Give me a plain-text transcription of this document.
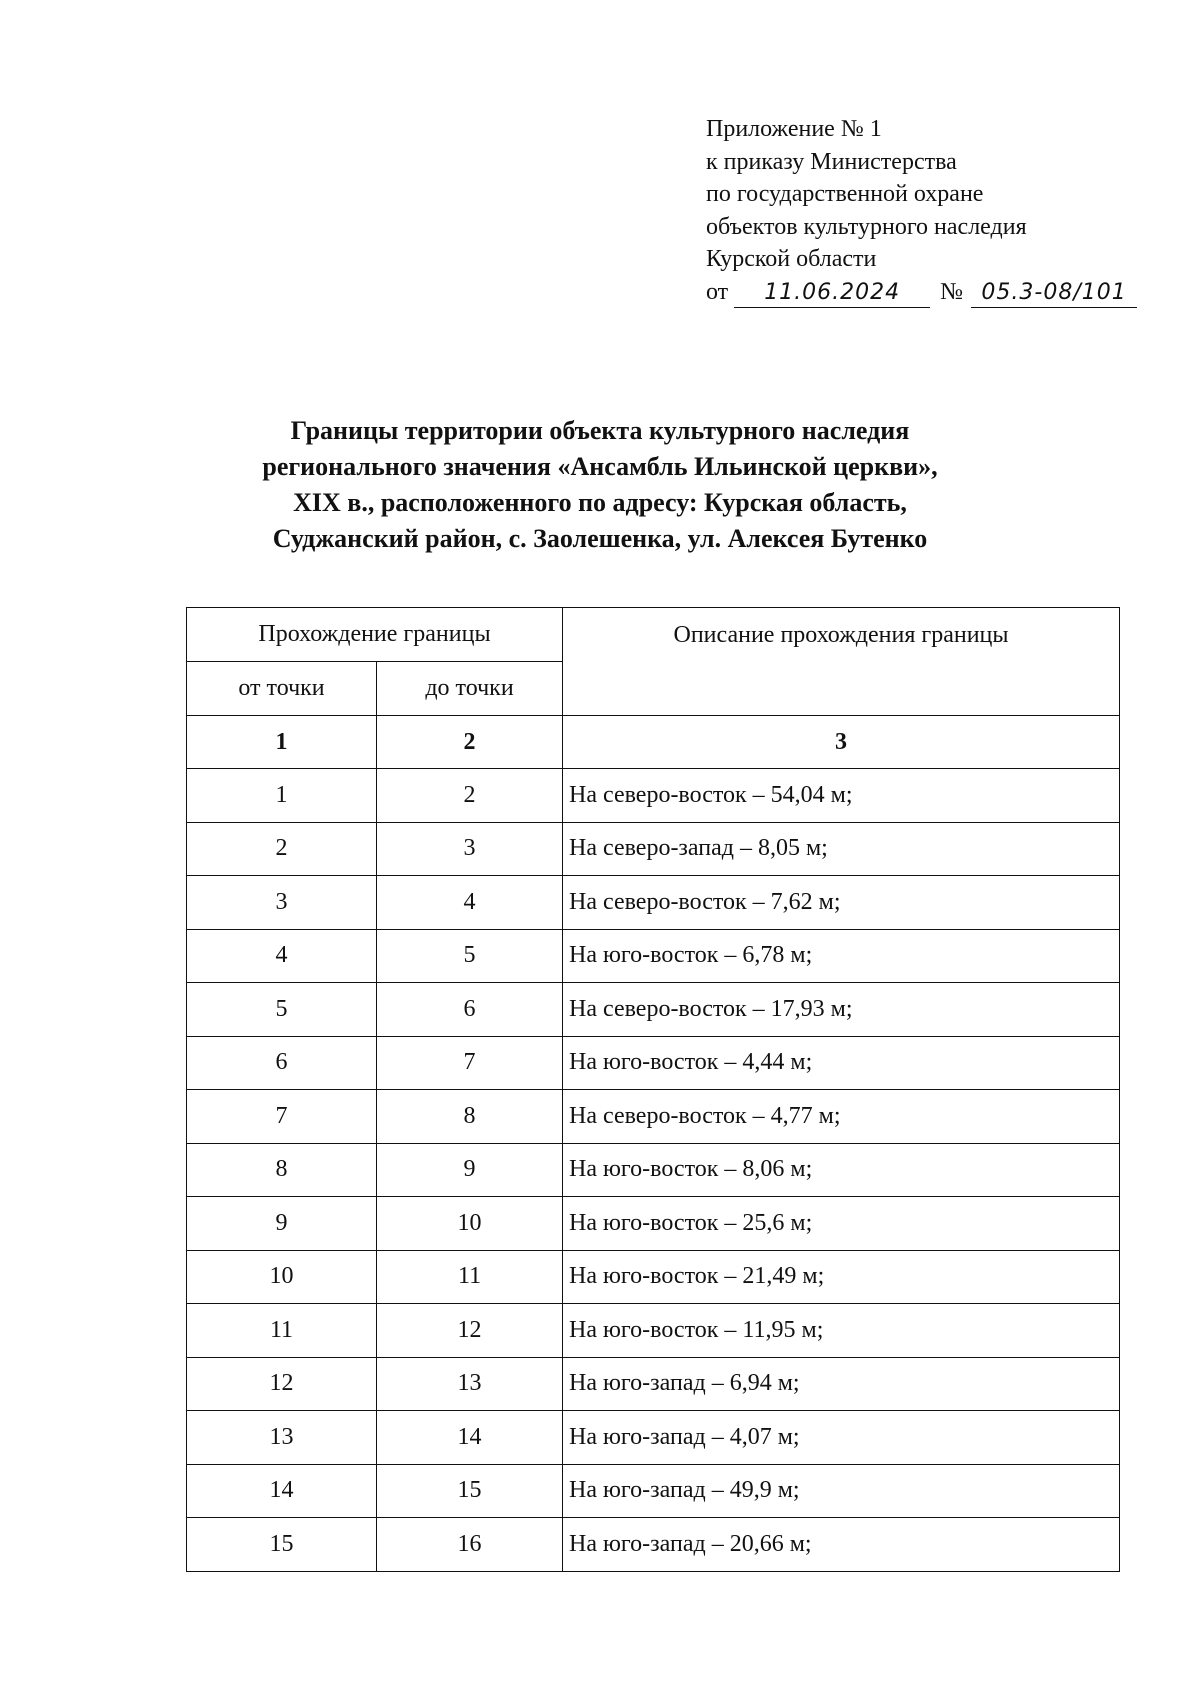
Приложение № 1
к приказу Министерства
по государственной охране
объектов культурного наследия
Курской области
от 11.06.2024 № 05.3-08/101
Границы территории объекта культурного наследия
регионального значения «Ансамбль Ильинской церкви»,
XIX в., расположенного по адресу: Курская область,
Суджанский район, с. Заолешенка, ул. Алексея Бутенко
Прохождение границы		Описание прохождения границы
от точки	до точки	
1	2	3
1	2	На северо-восток – 54,04 м;
2	3	На северо-запад – 8,05 м;
3	4	На северо-восток – 7,62 м;
4	5	На юго-восток – 6,78 м;
5	6	На северо-восток – 17,93 м;
6	7	На юго-восток – 4,44 м;
7	8	На северо-восток – 4,77 м;
8	9	На юго-восток – 8,06 м;
9	10	На юго-восток – 25,6 м;
10	11	На юго-восток – 21,49 м;
11	12	На юго-восток – 11,95 м;
12	13	На юго-запад – 6,94 м;
13	14	На юго-запад – 4,07 м;
14	15	На юго-запад – 49,9 м;
15	16	На юго-запад – 20,66 м;
